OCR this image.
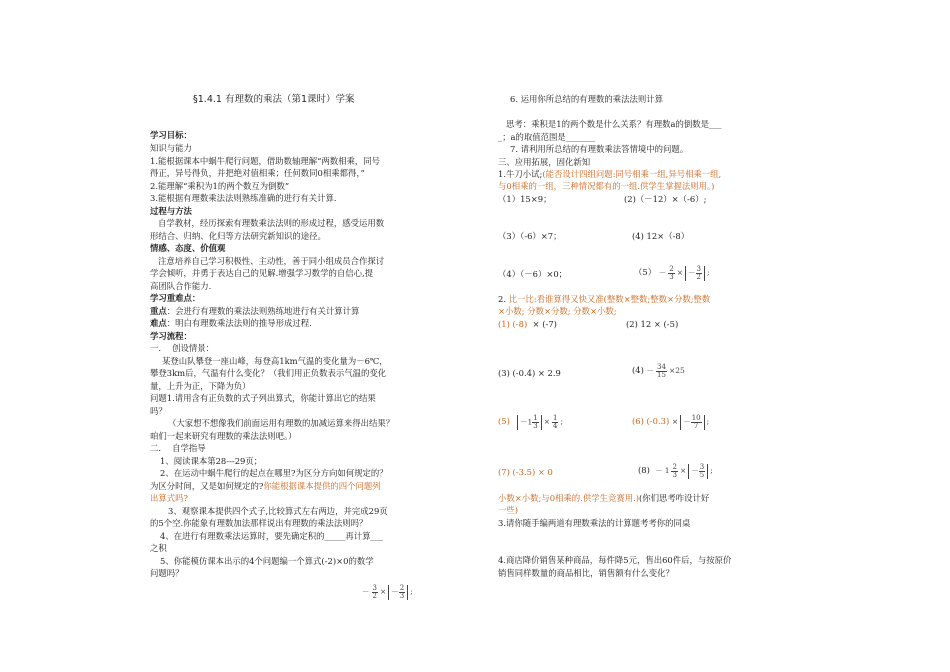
§1.4.1 有理数的乘法（第1课时）学案
学习目标：
知识与能力
1.能根据课本中蜗牛爬行问题，借助数轴理解“两数相乘，同号
得正，异号得负，并把绝对值相乘；任何数同0相乘都得，”
2.能理解“乘积为1的两个数互为倒数”
3.能根据有理数乘法法则熟练准确的进行有关计算.
过程与方法
自学教材，经历探索有理数乘法法则的形成过程，感受运用数
形结合、归纳、化归等方法研究新知识的途径。
情感、态度、价值观
注意培养自己学习积极性、主动性，善于同小组成员合作探讨
学会倾听，并勇于表达自己的见解.增强学习数学的自信心,提
高团队合作能力.
学习重难点：
重点：会进行有理数的乘法法则熟练地进行有关计算计算
难点：明白有理数乘法法则的推导形成过程.
学习流程：
一.　 创设情景：
某登山队攀登一座山峰，每登高1km气温的变化量为－6℃，
攀登3km后，气温有什么变化？（我们用正负数表示气温的变化
量，上升为正，下降为负）
问题1.请用含有正负数的式子列出算式，你能计算出它的结果
吗？
（大家想不想像我们前面运用有理数的加减运算来得出结果？
咱们一起来研究有理数的乘法法则吧。）
二.　 自学指导
1、阅读课本第28---29页；
2、在运动中蜗牛爬行的起点在哪里?为区分方向如何规定的？
为区分时间，又是如何规定的?你能根据课本提供的四个问题列
出算式吗?
3、观察课本提供四个式子,比较算式左右两边，并完成29页
的5个空.你能象有理数加法那样说出有理数的乘法法则吗？
4、在进行有理数乘法运算时，要先确定积的_____再计算___
之积
5、你能模仿课本出示的4个问题编一个算式(-2)×0的数学
问题吗？
－ $\frac{3}{2}$ × － $\frac{2}{3}$ ;
6. 运用你所总结的有理数的乘法法则计算
思考：乘积是1的两个数是什么关系？有理数a的倒数是___
_；a的取值范围是_______
7. 请利用所总结的有理数乘法答情境中的问题。
三、应用拓展，固化新知
1.牛刀小试;(能否设计四组问题:同号相乘一组,异号相乘一组,
与0相乘的一组，三种情况都有的一组.供学生掌握法则用。)
（1）15×9；	(2)（－12）×（-6）;
（3）（-6）×7；	(4) 12×（-8）
（4）（－6）×0；	$(5) - \frac{2}{3}$ × － $\frac{3}{2}$ ;
2. 比一比:看谁算得又快又准(整数×整数;整数×分数;整数
×小数; 分数×分数; 分数×小数;
(1) (-8) × (-7)	(2) 12 × (-5)
(3) (-0.4) × 2.9	$(4) - \frac{34}{15} \times 25$
(5)	$-1 \frac{1}{3} \times \frac{1}{4}$ ;	(6) (-0.3) × － $\frac{10}{7}$ ;
(7) (-3.5) × 0	$(8) - 1 \frac{2}{3}$ × － $\frac{3}{5}$ ;
小数×小数;与0相乘的.供学生竞赛用.)(你们思考咋设计好
一些)
3.请你随手编两道有理数乘法的计算题考考你的同桌
4.商店降价销售某种商品，每件降5元，售出60件后，与按原价
销售同样数量的商品相比，销售额有什么变化？
